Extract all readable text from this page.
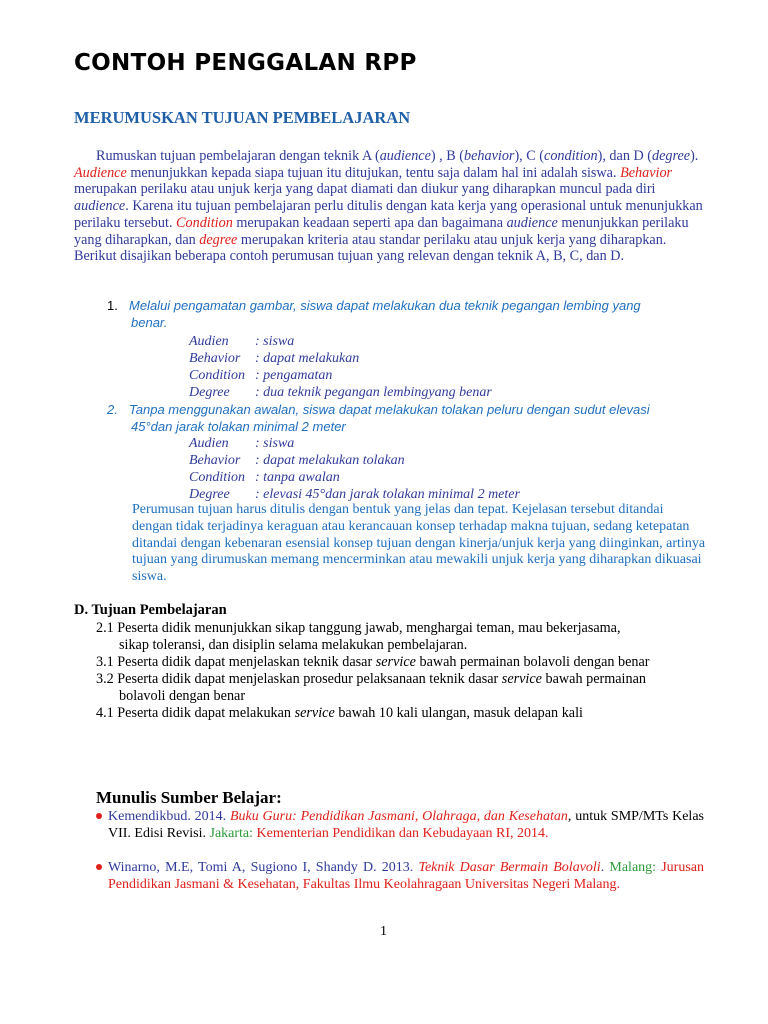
CONTOH PENGGALAN RPP
MERUMUSKAN TUJUAN PEMBELAJARAN
Rumuskan tujuan pembelajaran dengan teknik A (audience) , B (behavior), C (condition), dan D (degree). Audience menunjukkan kepada siapa tujuan itu ditujukan, tentu saja dalam hal ini adalah siswa. Behavior merupakan perilaku atau unjuk kerja yang dapat diamati dan diukur yang diharapkan muncul pada diri audience. Karena itu tujuan pembelajaran perlu ditulis dengan kata kerja yang operasional untuk menunjukkan perilaku tersebut. Condition merupakan keadaan seperti apa dan bagaimana audience menunjukkan perilaku yang diharapkan, dan degree merupakan kriteria atau standar perilaku atau unjuk kerja yang diharapkan. Berikut disajikan beberapa contoh perumusan tujuan yang relevan dengan teknik A, B, C, dan D.
1. Melalui pengamatan gambar, siswa dapat melakukan dua teknik pegangan lembing yang
benar.
Audien : siswa
Behavior : dapat melakukan
Condition : pengamatan
Degree : dua teknik pegangan lembingyang benar
2. Tanpa menggunakan awalan, siswa dapat melakukan tolakan peluru dengan sudut elevasi
45°dan jarak tolakan minimal 2 meter
Audien : siswa
Behavior : dapat melakukan tolakan
Condition : tanpa awalan
Degree : elevasi 45°dan jarak tolakan minimal 2 meter
Perumusan tujuan harus ditulis dengan bentuk yang jelas dan tepat. Kejelasan tersebut ditandai dengan tidak terjadinya keraguan atau kerancauan konsep terhadap makna tujuan, sedang ketepatan ditandai dengan kebenaran esensial konsep tujuan dengan kinerja/unjuk kerja yang diinginkan, artinya tujuan yang dirumuskan memang mencerminkan atau mewakili unjuk kerja yang diharapkan dikuasai siswa.
D. Tujuan Pembelajaran
2.1 Peserta didik menunjukkan sikap tanggung jawab, menghargai teman, mau bekerjasama,
sikap toleransi, dan disiplin selama melakukan pembelajaran.
3.1 Peserta didik dapat menjelaskan teknik dasar service bawah permainan bolavoli dengan benar
3.2 Peserta didik dapat menjelaskan prosedur pelaksanaan teknik dasar service bawah permainan
bolavoli dengan benar
4.1 Peserta didik dapat melakukan service bawah 10 kali ulangan, masuk delapan kali
Munulis Sumber Belajar:
Kemendikbud. 2014. Buku Guru: Pendidikan Jasmani, Olahraga, dan Kesehatan, untuk SMP/MTs Kelas VII. Edisi Revisi. Jakarta: Kementerian Pendidikan dan Kebudayaan RI, 2014.
Winarno, M.E, Tomi A, Sugiono I, Shandy D. 2013. Teknik Dasar Bermain Bolavoli. Malang: Jurusan Pendidikan Jasmani & Kesehatan, Fakultas Ilmu Keolahragaan Universitas Negeri Malang.
1
